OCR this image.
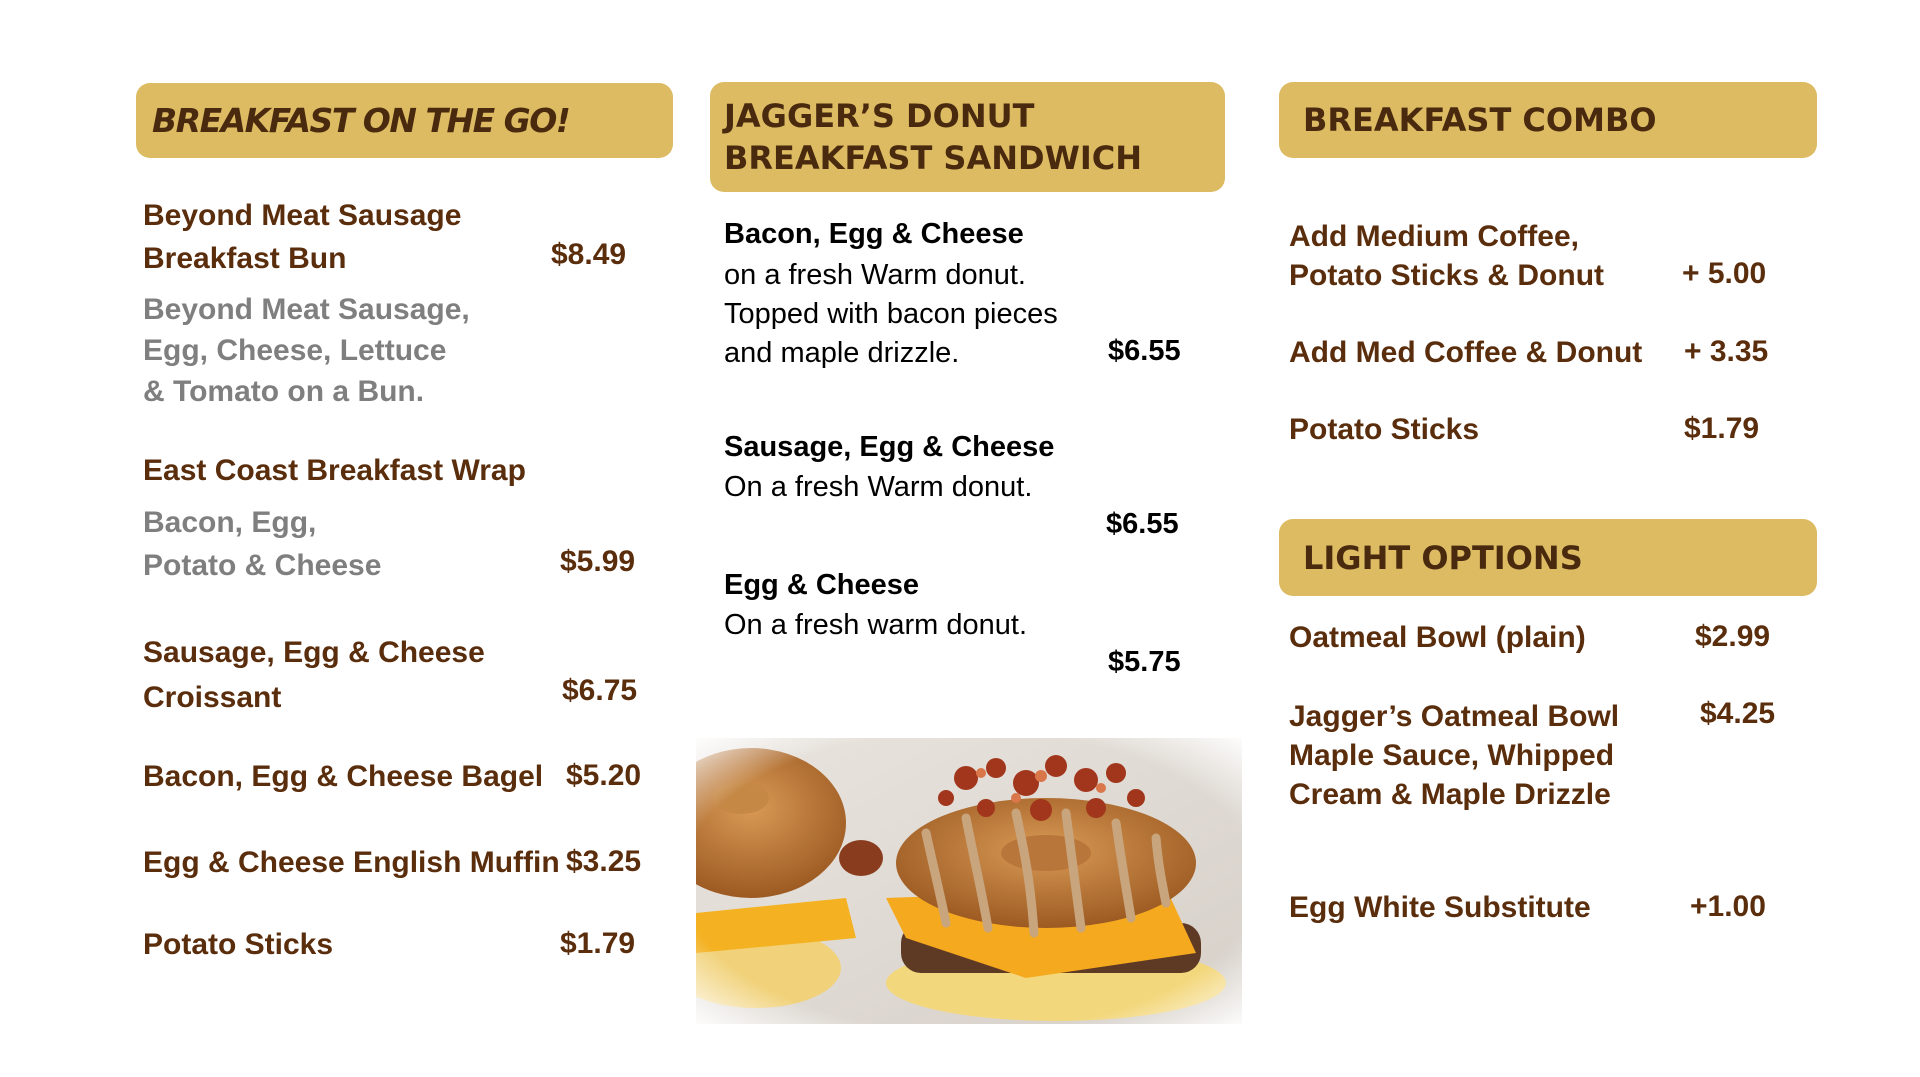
BREAKFAST ON THE GO!
Beyond Meat Sausage
Breakfast Bun	$8.49
Beyond Meat Sausage,
Egg, Cheese, Lettuce
& Tomato on a Bun.
East Coast Breakfast Wrap
Bacon, Egg,
Potato & Cheese	$5.99
Sausage, Egg & Cheese
Croissant	$6.75
Bacon, Egg & Cheese Bagel $5.20
Egg & Cheese English Muffin $3.25
Potato Sticks	$1.79
JAGGER’S DONUT
BREAKFAST SANDWICH
Bacon, Egg & Cheese
on a fresh Warm donut.
Topped with bacon pieces
and maple drizzle.	$6.55
Sausage, Egg & Cheese
On a fresh Warm donut.
$6.55
Egg & Cheese
On a fresh warm donut.
$5.75
BREAKFAST COMBO
Add Medium Coffee,
Potato Sticks & Donut	+ 5.00
Add Med Coffee & Donut + 3.35
Potato Sticks	$1.79
LIGHT OPTIONS
Oatmeal Bowl (plain)	$2.99
Jagger’s Oatmeal Bowl
Maple Sauce, Whipped
Cream & Maple Drizzle
$4.25
Egg White Substitute	+1.00
